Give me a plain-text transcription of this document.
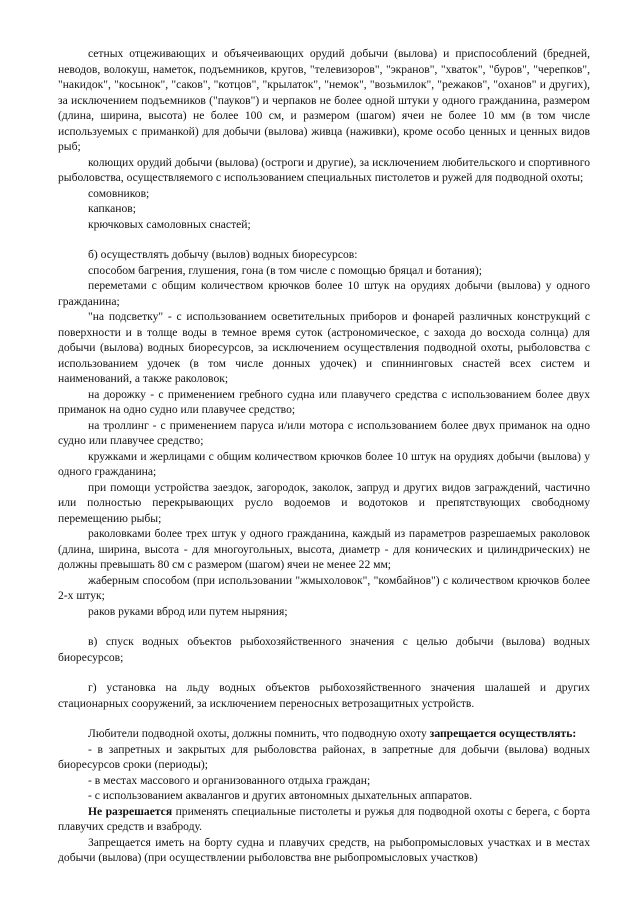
сетных отцеживающих и объячеивающих орудий добычи (вылова) и приспособлений (бредней, неводов, волокуш, наметок, подъемников, кругов, "телевизоров", "экранов", "хваток", "буров", "черепков", "накидок", "косынок", "саков", "котцов", "крылаток", "немок", "возьмилок", "режаков", "оханов" и других), за исключением подъемников ("пауков") и черпаков не более одной штуки у одного гражданина, размером (длина, ширина, высота) не более 100 см, и размером (шагом) ячеи не более 10 мм (в том числе используемых с приманкой) для добычи (вылова) живца (наживки), кроме особо ценных и ценных видов рыб;

колющих орудий добычи (вылова) (остроги и другие), за исключением любительского и спортивного рыболовства, осуществляемого с использованием специальных пистолетов и ружей для подводной охоты;

сомовников;

капканов;

крючковых самоловных снастей;

б) осуществлять добычу (вылов) водных биоресурсов:

способом багрения, глушения, гона (в том числе с помощью бряцал и ботания);

переметами с общим количеством крючков более 10 штук на орудиях добычи (вылова) у одного гражданина;

"на подсветку" - с использованием осветительных приборов и фонарей различных конструкций с поверхности и в толще воды в темное время суток (астрономическое, с захода до восхода солнца) для добычи (вылова) водных биоресурсов, за исключением осуществления подводной охоты, рыболовства с использованием удочек (в том числе донных удочек) и спиннинговых снастей всех систем и наименований, а также раколовок;

на дорожку - с применением гребного судна или плавучего средства с использованием более двух приманок на одно судно или плавучее средство;

на троллинг - с применением паруса и/или мотора с использованием более двух приманок на одно судно или плавучее средство;

кружками и жерлицами с общим количеством крючков более 10 штук на орудиях добычи (вылова) у одного гражданина;

при помощи устройства заездок, загородок, заколок, запруд и других видов заграждений, частично или полностью перекрывающих русло водоемов и водотоков и препятствующих свободному перемещению рыбы;

раколовками более трех штук у одного гражданина, каждый из параметров разрешаемых раколовок (длина, ширина, высота - для многоугольных, высота, диаметр - для конических и цилиндрических) не должны превышать 80 см с размером (шагом) ячеи не менее 22 мм;

жаберным способом (при использовании "жмыхоловок", "комбайнов") с количеством крючков более 2-х штук;

раков руками вброд или путем ныряния;

в) спуск водных объектов рыбохозяйственного значения с целью добычи (вылова) водных биоресурсов;

г) установка на льду водных объектов рыбохозяйственного значения шалашей и других стационарных сооружений, за исключением переносных ветрозащитных устройств.

Любители подводной охоты, должны помнить, что подводную охоту запрещается осуществлять:

- в запретных и закрытых для рыболовства районах, в запретные для добычи (вылова) водных биоресурсов сроки (периоды);

- в местах массового и организованного отдыха граждан;

- с использованием аквалангов и других автономных дыхательных аппаратов.

Не разрешается применять специальные пистолеты и ружья для подводной охоты с берега, с борта плавучих средств и взаброду.

Запрещается иметь на борту судна и плавучих средств, на рыбопромысловых участках и в местах добычи (вылова) (при осуществлении рыболовства вне рыбопромысловых участков)
